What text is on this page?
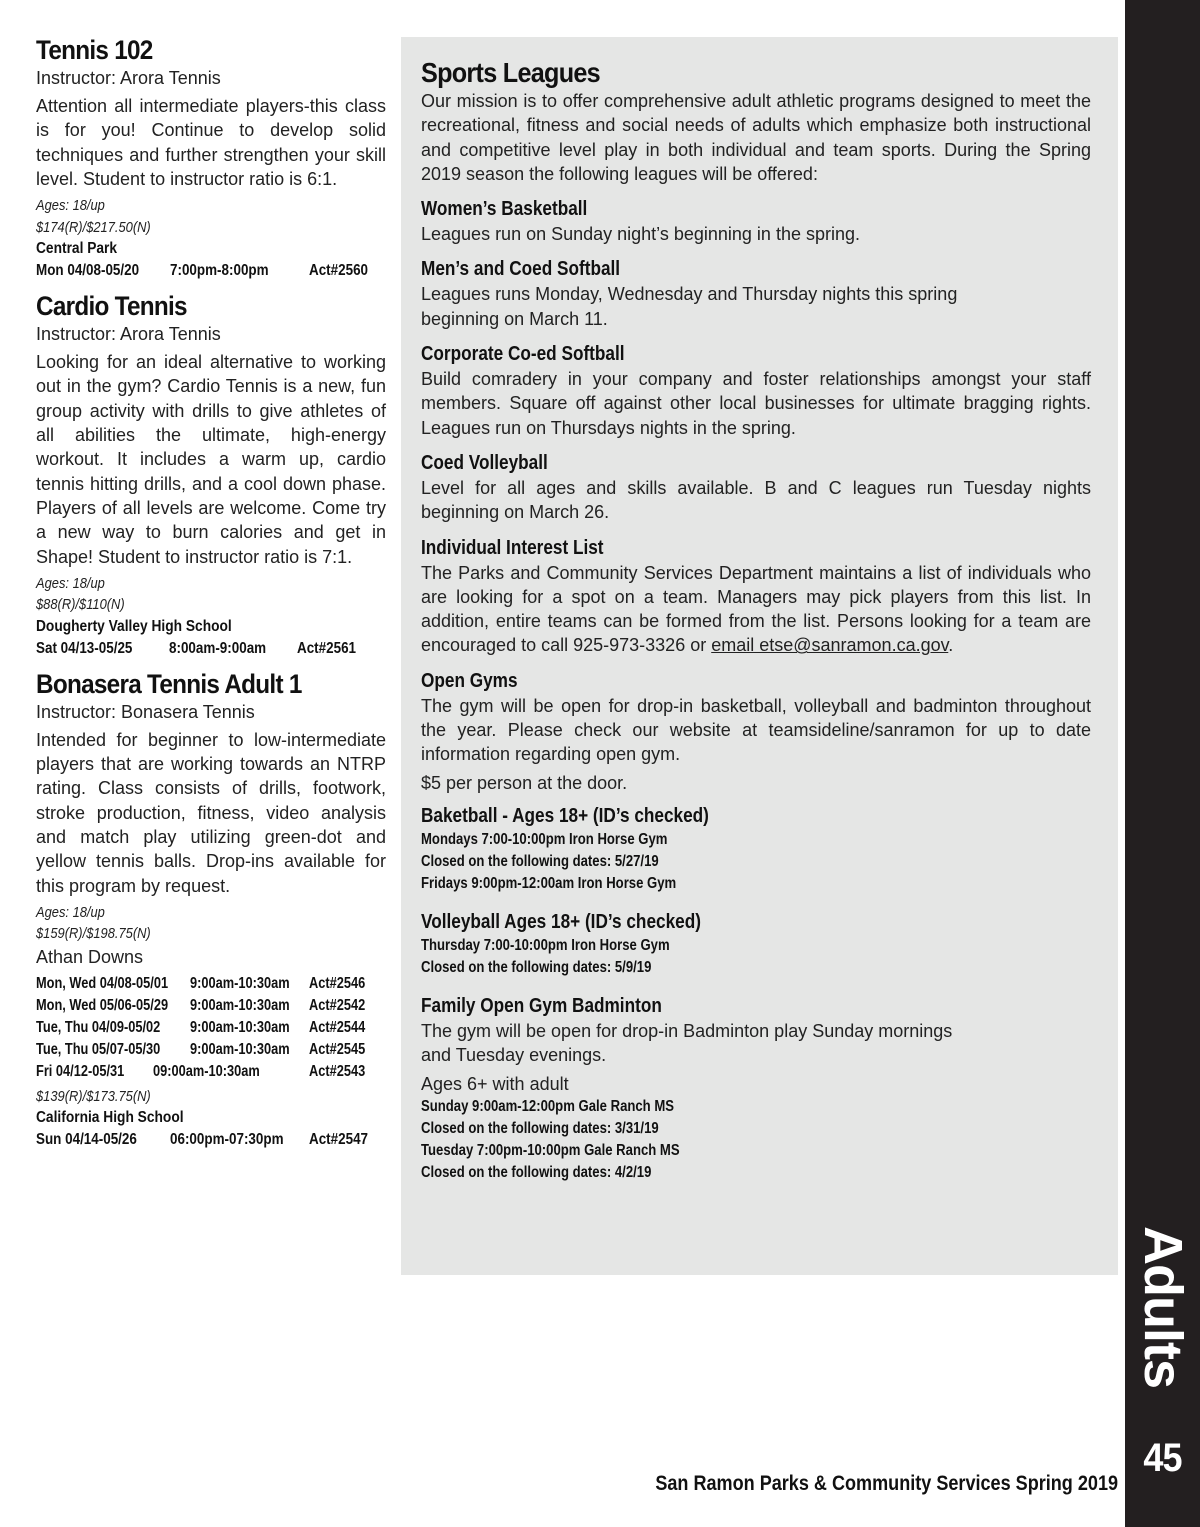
Tennis 102
Instructor: Arora Tennis
Attention all intermediate players-this class is for you! Continue to develop solid techniques and further strengthen your skill level. Student to instructor ratio is 6:1.
Ages: 18/up
$174(R)/$217.50(N)
Central Park
Mon 04/08-05/20 7:00pm-8:00pm	Act#2560
Cardio Tennis
Instructor: Arora Tennis
Looking for an ideal alternative to working out in the gym? Cardio Tennis is a new, fun group activity with drills to give athletes of all abilities the ultimate, high-energy workout. It includes a warm up, cardio tennis hitting drills, and a cool down phase. Players of all levels are welcome. Come try a new way to burn calories and get in Shape! Student to instructor ratio is 7:1.
Ages: 18/up
$88(R)/$110(N)
Dougherty Valley High School
Sat 04/13-05/25 8:00am-9:00am Act#2561
Bonasera Tennis Adult 1
Instructor: Bonasera Tennis
Intended for beginner to low-intermediate players that are working towards an NTRP rating. Class consists of drills, footwork, stroke production, fitness, video analysis and match play utilizing green-dot and yellow tennis balls. Drop-ins available for this program by request.
Ages: 18/up
$159(R)/$198.75(N)
Athan Downs
Mon, Wed 04/08-05/01 9:00am-10:30am Act#2546
Mon, Wed 05/06-05/29 9:00am-10:30am Act#2542
Tue, Thu 04/09-05/02 9:00am-10:30am Act#2544
Tue, Thu 05/07-05/30 9:00am-10:30am Act#2545
Fri 04/12-05/31 09:00am-10:30am	Act#2543
$139(R)/$173.75(N)
California High School
Sun 04/14-05/26 06:00pm-07:30pm Act#2547
Sports Leagues
Our mission is to offer comprehensive adult athletic programs designed to meet the recreational, fitness and social needs of adults which emphasize both instructional and competitive level play in both individual and team sports. During the Spring 2019 season the following leagues will be offered:
Women’s Basketball
Leagues run on Sunday night’s beginning in the spring.
Men’s and Coed Softball
Leagues runs Monday, Wednesday and Thursday nights this spring
beginning on March 11.
Corporate Co-ed Softball
Build comradery in your company and foster relationships amongst your staff members. Square off against other local businesses for ultimate bragging rights. Leagues run on Thursdays nights in the spring.
Coed Volleyball
Level for all ages and skills available. B and C leagues run Tuesday nights beginning on March 26.
Individual Interest List
The Parks and Community Services Department maintains a list of individuals who are looking for a spot on a team. Managers may pick players from this list. In addition, entire teams can be formed from the list. Persons looking for a team are encouraged to call 925-973-3326 or email etse@sanramon.ca.gov.
Open Gyms
The gym will be open for drop-in basketball, volleyball and badminton throughout the year. Please check our website at teamsideline/sanramon for up to date information regarding open gym.
$5 per person at the door.
Baketball - Ages 18+ (ID’s checked)
Mondays 7:00-10:00pm Iron Horse Gym
Closed on the following dates: 5/27/19
Fridays 9:00pm-12:00am Iron Horse Gym
Volleyball Ages 18+ (ID’s checked)
Thursday 7:00-10:00pm Iron Horse Gym
Closed on the following dates: 5/9/19
Family Open Gym Badminton
The gym will be open for drop-in Badminton play Sunday mornings
and Tuesday evenings.
Ages 6+ with adult
Sunday 9:00am-12:00pm Gale Ranch MS
Closed on the following dates: 3/31/19
Tuesday 7:00pm-10:00pm Gale Ranch MS
Closed on the following dates: 4/2/19
Adults
45
San Ramon Parks & Community Services Spring 2019
